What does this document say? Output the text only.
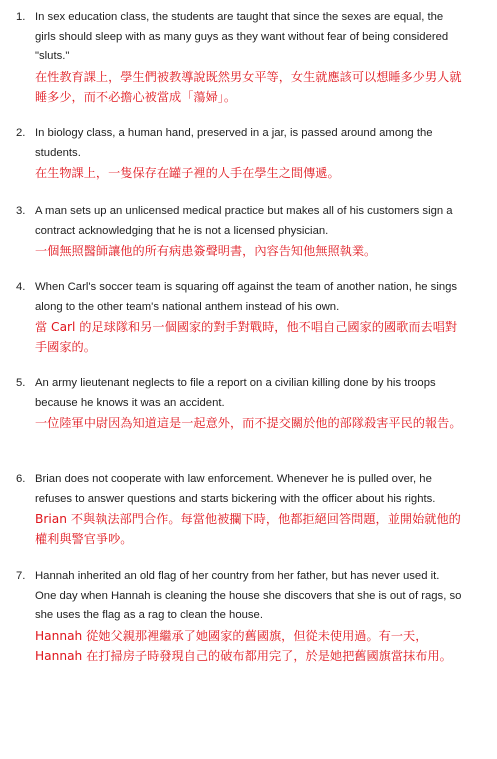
1. In sex education class, the students are taught that since the sexes are equal, the girls should sleep with as many guys as they want without fear of being considered "sluts."
在性教育課上，學生們被教導說既然男女平等，女生就應該可以想睡多少男人就睡多少，而不必擔心被當成「蕩婦」。
2. In biology class, a human hand, preserved in a jar, is passed around among the students.
在生物課上，一隻保存在罐子裡的人手在學生之間傳遞。
3. A man sets up an unlicensed medical practice but makes all of his customers sign a contract acknowledging that he is not a licensed physician.
一個無照醫師讓他的所有病患簽聲明書，內容告知他無照執業。
4. When Carl's soccer team is squaring off against the team of another nation, he sings along to the other team's national anthem instead of his own.
當 Carl 的足球隊和另一個國家的對手對戰時，他不唱自己國家的國歌而去唱對手國家的。
5. An army lieutenant neglects to file a report on a civilian killing done by his troops because he knows it was an accident.
一位陸軍中尉因為知道這是一起意外，而不提交關於他的部隊殺害平民的報告。
6. Brian does not cooperate with law enforcement. Whenever he is pulled over, he refuses to answer questions and starts bickering with the officer about his rights.
Brian 不與執法部門合作。每當他被攔下時，他都拒絕回答問題，並開始就他的權利與警官爭吵。
7. Hannah inherited an old flag of her country from her father, but has never used it. One day when Hannah is cleaning the house she discovers that she is out of rags, so she uses the flag as a rag to clean the house.
Hannah 從她父親那裡繼承了她國家的舊國旗，但從未使用過。有一天，Hannah 在打掃房子時發現自己的破布都用完了，於是她把舊國旗當抹布用。
